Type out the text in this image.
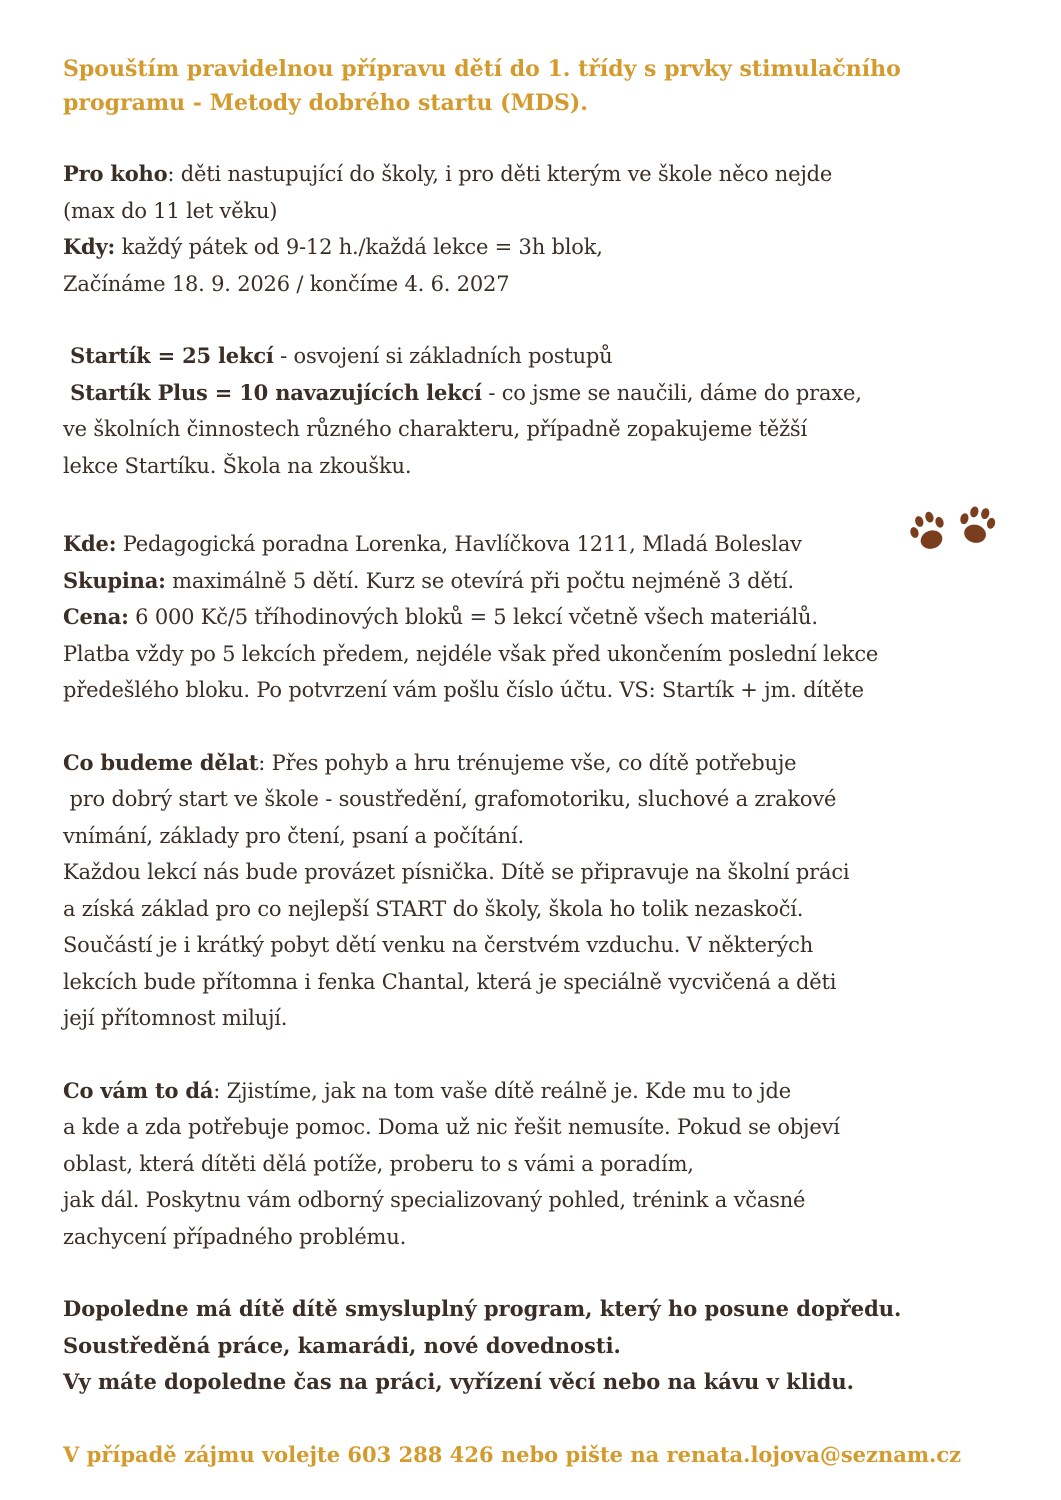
Spouštím pravidelnou přípravu dětí do 1. třídy s prvky stimulačního
programu - Metody dobrého startu (MDS).
Pro koho: děti nastupující do školy, i pro děti kterým ve škole něco nejde
(max do 11 let věku)
Kdy: každý pátek od 9-12 h./každá lekce = 3h blok,
Začínáme 18. 9. 2026 / končíme 4. 6. 2027
Startík = 25 lekcí - osvojení si základních postupů
Startík Plus = 10 navazujících lekcí - co jsme se naučili, dáme do praxe,
ve školních činnostech různého charakteru, případně zopakujeme těžší
lekce Startíku. Škola na zkoušku.
Kde: Pedagogická poradna Lorenka, Havlíčkova 1211, Mladá Boleslav
Skupina: maximálně 5 dětí. Kurz se otevírá při počtu nejméně 3 dětí.
Cena: 6 000 Kč/5 tříhodinových bloků = 5 lekcí včetně všech materiálů.
Platba vždy po 5 lekcích předem, nejdéle však před ukončením poslední lekce
předešlého bloku. Po potvrzení vám pošlu číslo účtu. VS: Startík + jm. dítěte
Co budeme dělat: Přes pohyb a hru trénujeme vše, co dítě potřebuje
pro dobrý start ve škole - soustředění, grafomotoriku, sluchové a zrakové
vnímání, základy pro čtení, psaní a počítání.
Každou lekcí nás bude provázet písnička. Dítě se připravuje na školní práci
a získá základ pro co nejlepší START do školy, škola ho tolik nezaskočí.
Součástí je i krátký pobyt dětí venku na čerstvém vzduchu. V některých
lekcích bude přítomna i fenka Chantal, která je speciálně vycvičená a děti
její přítomnost milují.
Co vám to dá: Zjistíme, jak na tom vaše dítě reálně je. Kde mu to jde
a kde a zda potřebuje pomoc. Doma už nic řešit nemusíte. Pokud se objeví
oblast, která dítěti dělá potíže, proberu to s vámi a poradím,
jak dál. Poskytnu vám odborný specializovaný pohled, trénink a včasné
zachycení případného problému.
Dopoledne má dítě dítě smysluplný program, který ho posune dopředu.
Soustředěná práce, kamarádi, nové dovednosti.
Vy máte dopoledne čas na práci, vyřízení věcí nebo na kávu v klidu.
V případě zájmu volejte 603 288 426 nebo pište na renata.lojova@seznam.cz
